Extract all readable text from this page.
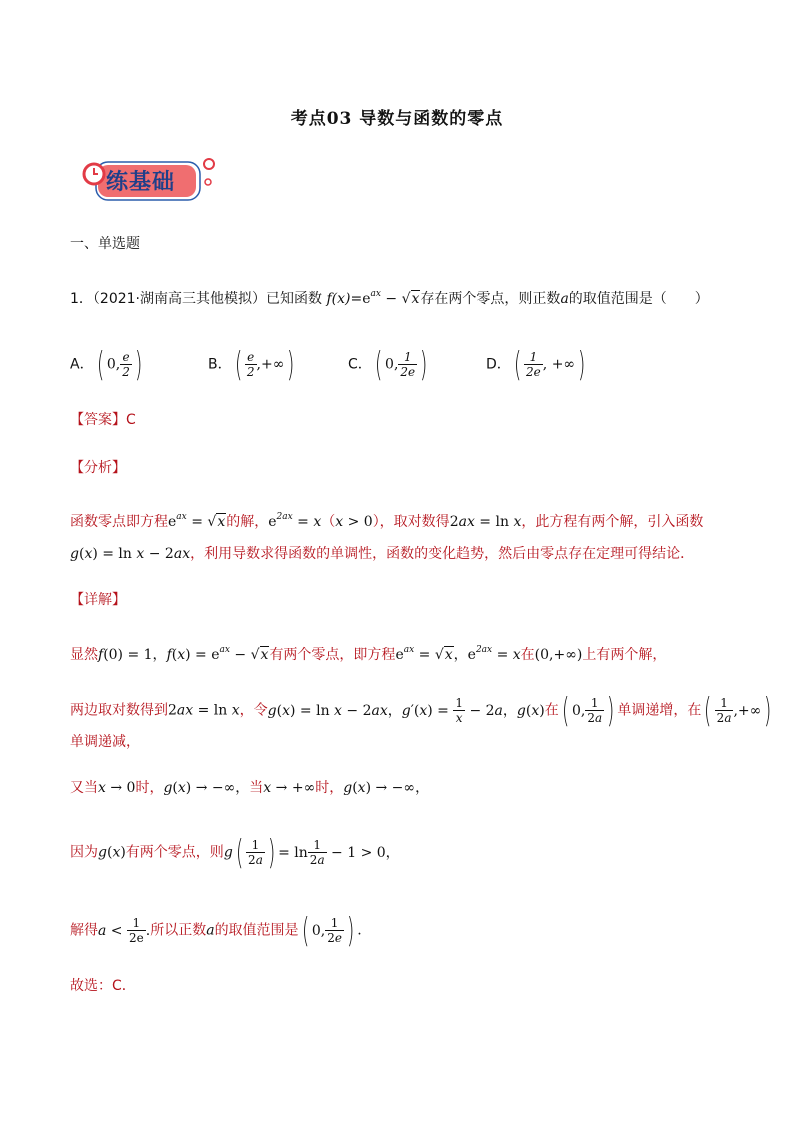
考点03 导数与函数的零点
练基础
一、单选题
1．（2021·湖南高三其他模拟）已知函数 $f(x)=e^{ax} - √x$存在两个零点，则正数a的取值范围是（　　）
A．( 0, $\frac{e}{2}$ )	B．( $\frac{e}{2}$ ,+∞)	C．( 0, $\frac{1}{2e}$ )	D．( $\frac{1}{2e}$ , +∞)
【答案】C
【分析】
函数零点即方程$e^{ax} = √x$的解，$e^{2ax} = x(x > 0)$，取对数得2ax = ln x，此方程有两个解，引入函数
g(x) = ln x − 2ax，利用导数求得函数的单调性，函数的变化趋势，然后由零点存在定理可得结论．
【详解】
显然f(0) = 1，$f(x) = e^{ax} - √x$有两个零点，即方程$e^{ax} = √x$，$e^{2ax} = x$在(0,+∞)上有两个解，
两边取对数得到2ax = ln x，令g(x) = ln x − 2ax，$g'(x) = \frac{1}{x} - 2a$，g(x)在( 0, $\frac{1}{2a}$ ) 单调递增，在( $\frac{1}{2a}$ ,+∞)
单调递减，
又当x → 0时，g(x) → −∞，当x → +∞时，g(x) → −∞，
因为g(x)有两个零点，则$g( \frac{1}{2a}$ ) = $\ln \frac{1}{2a} - 1 > 0$，
解得$a < \frac{1}{2e}$ .所以正数a的取值范围是( 0, $\frac{1}{2e}$ ) .
故选：C．
